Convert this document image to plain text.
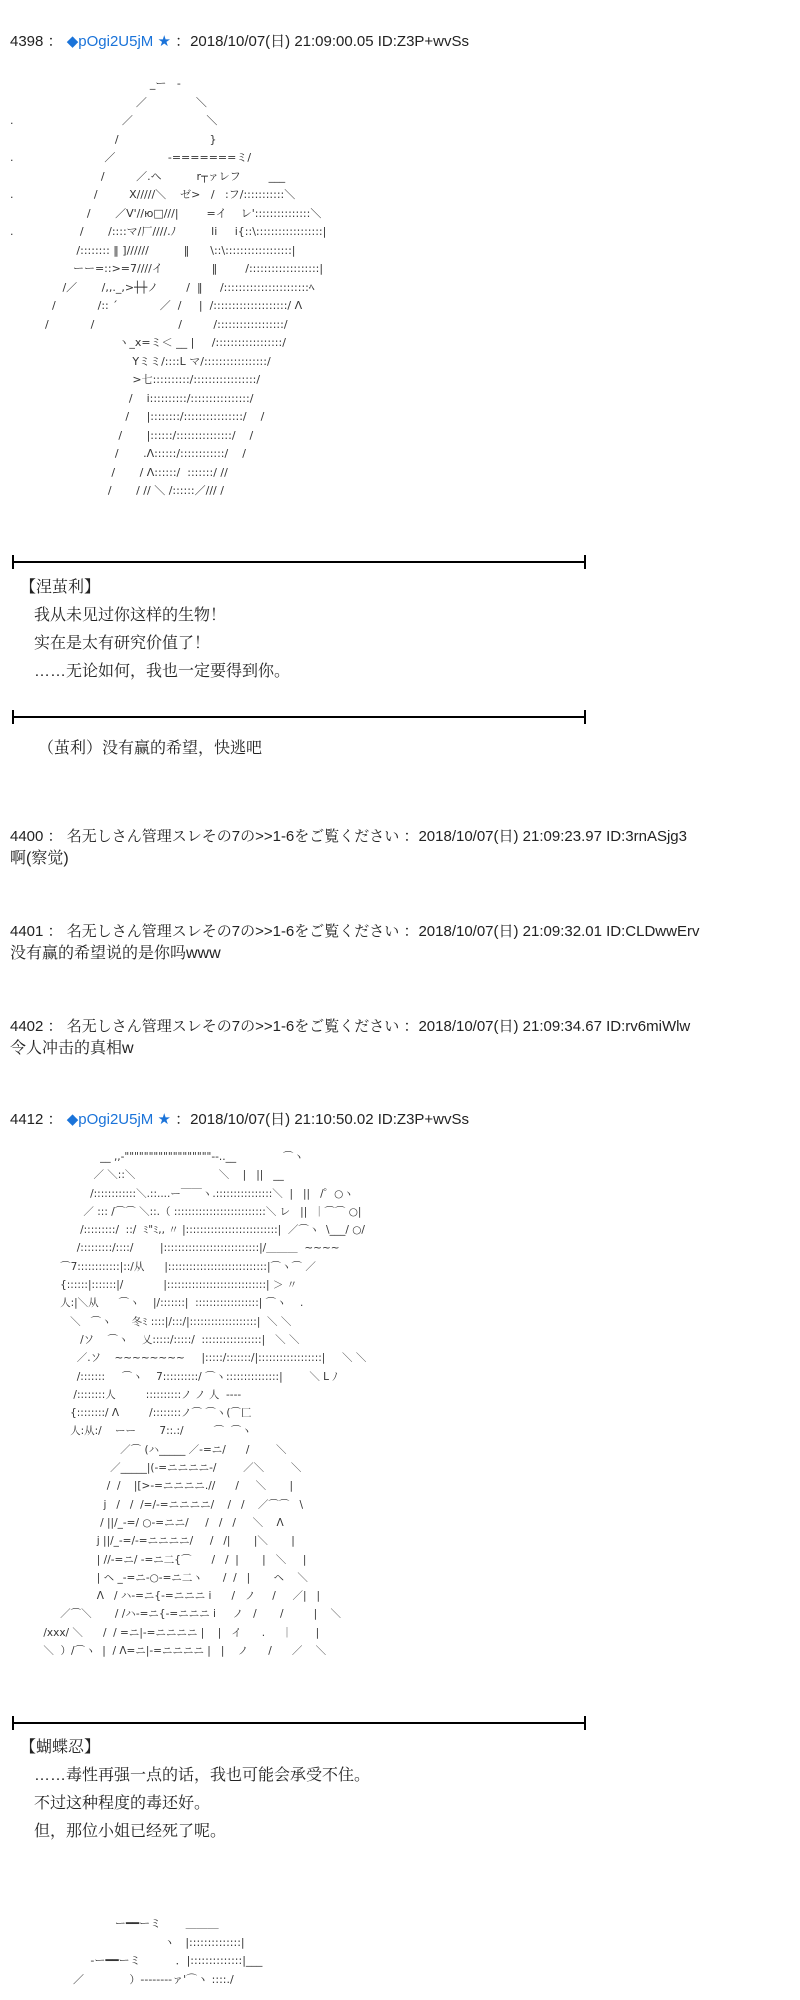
4398 ： ◆pOgi2U5jM ★ ：2018/10/07(日) 21:09:00.05 ID:Z3P+wvSs
_ー   -
／              ＼
.                               ／                     ＼
/                          }
.                          ／               -=======ミ/
/         ／.ヘ          r┬ァレフ        ___
.                       /         X/////＼    ゼ>   /   :フ/:::::::::::＼
/       ／V'//ю□///|        =イ    レ':::::::::::::::＼
.                   /       /::::マ/厂////.ﾉ          li     i{::\::::::::::::::::::|
/:::::::: ‖ ]//////          ‖      \::\::::::::::::::::::|
ーー=::>=7////イ              ‖        /:::::::::::::::::::|
/／       /,,._,>┼┼ノ        /  ‖     /:::::::::::::::::::::::ﾍ
/            /:: ´            ／  /     |  /::::::::::::::::::::/ Λ
/            /                        /         /::::::::::::::::::/
ヽ_x=ミ＜ __ |     /::::::::::::::::::/
Yミミ/::::L マ/:::::::::::::::::/
>七::::::::::/:::::::::::::::::/
/    i::::::::::/::::::::::::::::/
/     |::::::::/::::::::::::::::/    /
/       |::::::/:::::::::::::::/    /
/       .Λ::::::/::::::::::::/    /
/       / Λ::::::/  :::::::/ //
/       / // ＼ /::::::／/// /
【涅茧利】
我从未见过你这样的生物！
实在是太有研究价值了！
……无论如何，我也一定要得到你。
（茧利）没有赢的希望，快逃吧
4400 ： 名无しさん管理スレその7の>>1-6をご覧ください ：2018/10/07(日) 21:09:23.97 ID:3rnASjg3
啊(察觉)
4401 ： 名无しさん管理スレその7の>>1-6をご覧ください ：2018/10/07(日) 21:09:32.01 ID:CLDwwErv
没有赢的希望说的是你吗www
4402 ： 名无しさん管理スレその7の>>1-6をご覧ください ：2018/10/07(日) 21:09:34.67 ID:rv6miWlw
令人冲击的真相w
4412 ： ◆pOgi2U5jM ★ ：2018/10/07(日) 21:10:50.02 ID:Z3P+wvSs
__ ,,-""""""""""""""""""--..__              ⌒ヽ
／ ＼::＼                         ＼    |   ||   __
/::::::::::::＼.::....ー￣￣ヽ.::::::::::::::::＼  |   ||   /゜○ヽ
／ ::: /⌒⌒ ＼::.（ ::::::::::::::::::::::::::＼ レ   ||  ｜⌒⌒ ○|
/:::::::::/  ::/  ﾐ"ﾐ,, 〃 |::::::::::::::::::::::::::|  ／⌒ヽ  \___/ ○/
/:::::::::/::::/        |:::::::::::::::::::::::::::|/＿＿＿  ~~~~
⌒7::::::::::::|::/从      |::::::::::::::::::::::::::::|⌒ヽ⌒ ／
{::::::|:::::::|/            |::::::::::::::::::::::::::::| ＞ 〃
人:|＼从      ⌒ヽ    |/:::::::|  ::::::::::::::::::| ⌒ヽ    .
＼   ⌒ヽ      冬ﾐ ::::|/:::/|:::::::::::::::::::|  ＼ ＼
/ソ    ⌒ヽ    乂:::::/:::::/  :::::::::::::::::|   ＼ ＼
／.ソ    ~~~~~~~~     |:::::/:::::::/|::::::::::::::::::|     ＼ ＼
/:::::::     ⌒ヽ    7::::::::::/ ⌒ヽ:::::::::::::::|        ＼ L ﾉ
/::::::::人         ::::::::::ノ ノ 人  ‐‐‐‐
{::::::::/ Λ         /::::::::ノ⌒ ⌒ヽ(⌒匚
人:从:/    ーー       7::.:/         ⌒  ⌒ヽ
／⌒ (ハ_____ ／-=ニ/      /        ＼
／_____|(-=ニニニニ-/        ／＼        ＼
/  /    |[>-=ニニニニ.//      /     ＼       |
j   /   /  /=/-=ニニニニ/    /   /    ／⌒⌒   \
/ ||/_-=/ ○-=ニニ/     /   /   /     ＼    Λ
j ||/_-=/-=ニニニニ/     /   /|       |＼       |
| //-=ニ/ -=ニ二{⌒      /   /  |       |   ＼     |
| ヘ _-=ニ-○-=ニ二ヽ      /  /   |       ヘ    ＼
Λ   / ハ-=ニ{-=ニニニ i      /   ノ     /     ／|   |
／⌒＼       / /ハ-=ニ{-=ニニニ i     ノ   /       /         |    ＼
/xxx/ ＼      /  / =ニ|-=ニニニニ |    |   イ      .     ｜       |
＼  ）/⌒ヽ  |  / Λ=ニ|-=ニニニニ |   |    ノ      /      ／    ＼
【蝴蝶忍】
……毒性再强一点的话，我也可能会承受不住。
不过这种程度的毒还好。
但，那位小姐已经死了呢。
ー━━ーミ       ＿＿＿
ヽ   |::::::::::::::|
-ー━━ーミ          ．|::::::::::::::|___
／             ）-‐‐‐‐‐‐‐ァ'⌒ヽ ::::./
